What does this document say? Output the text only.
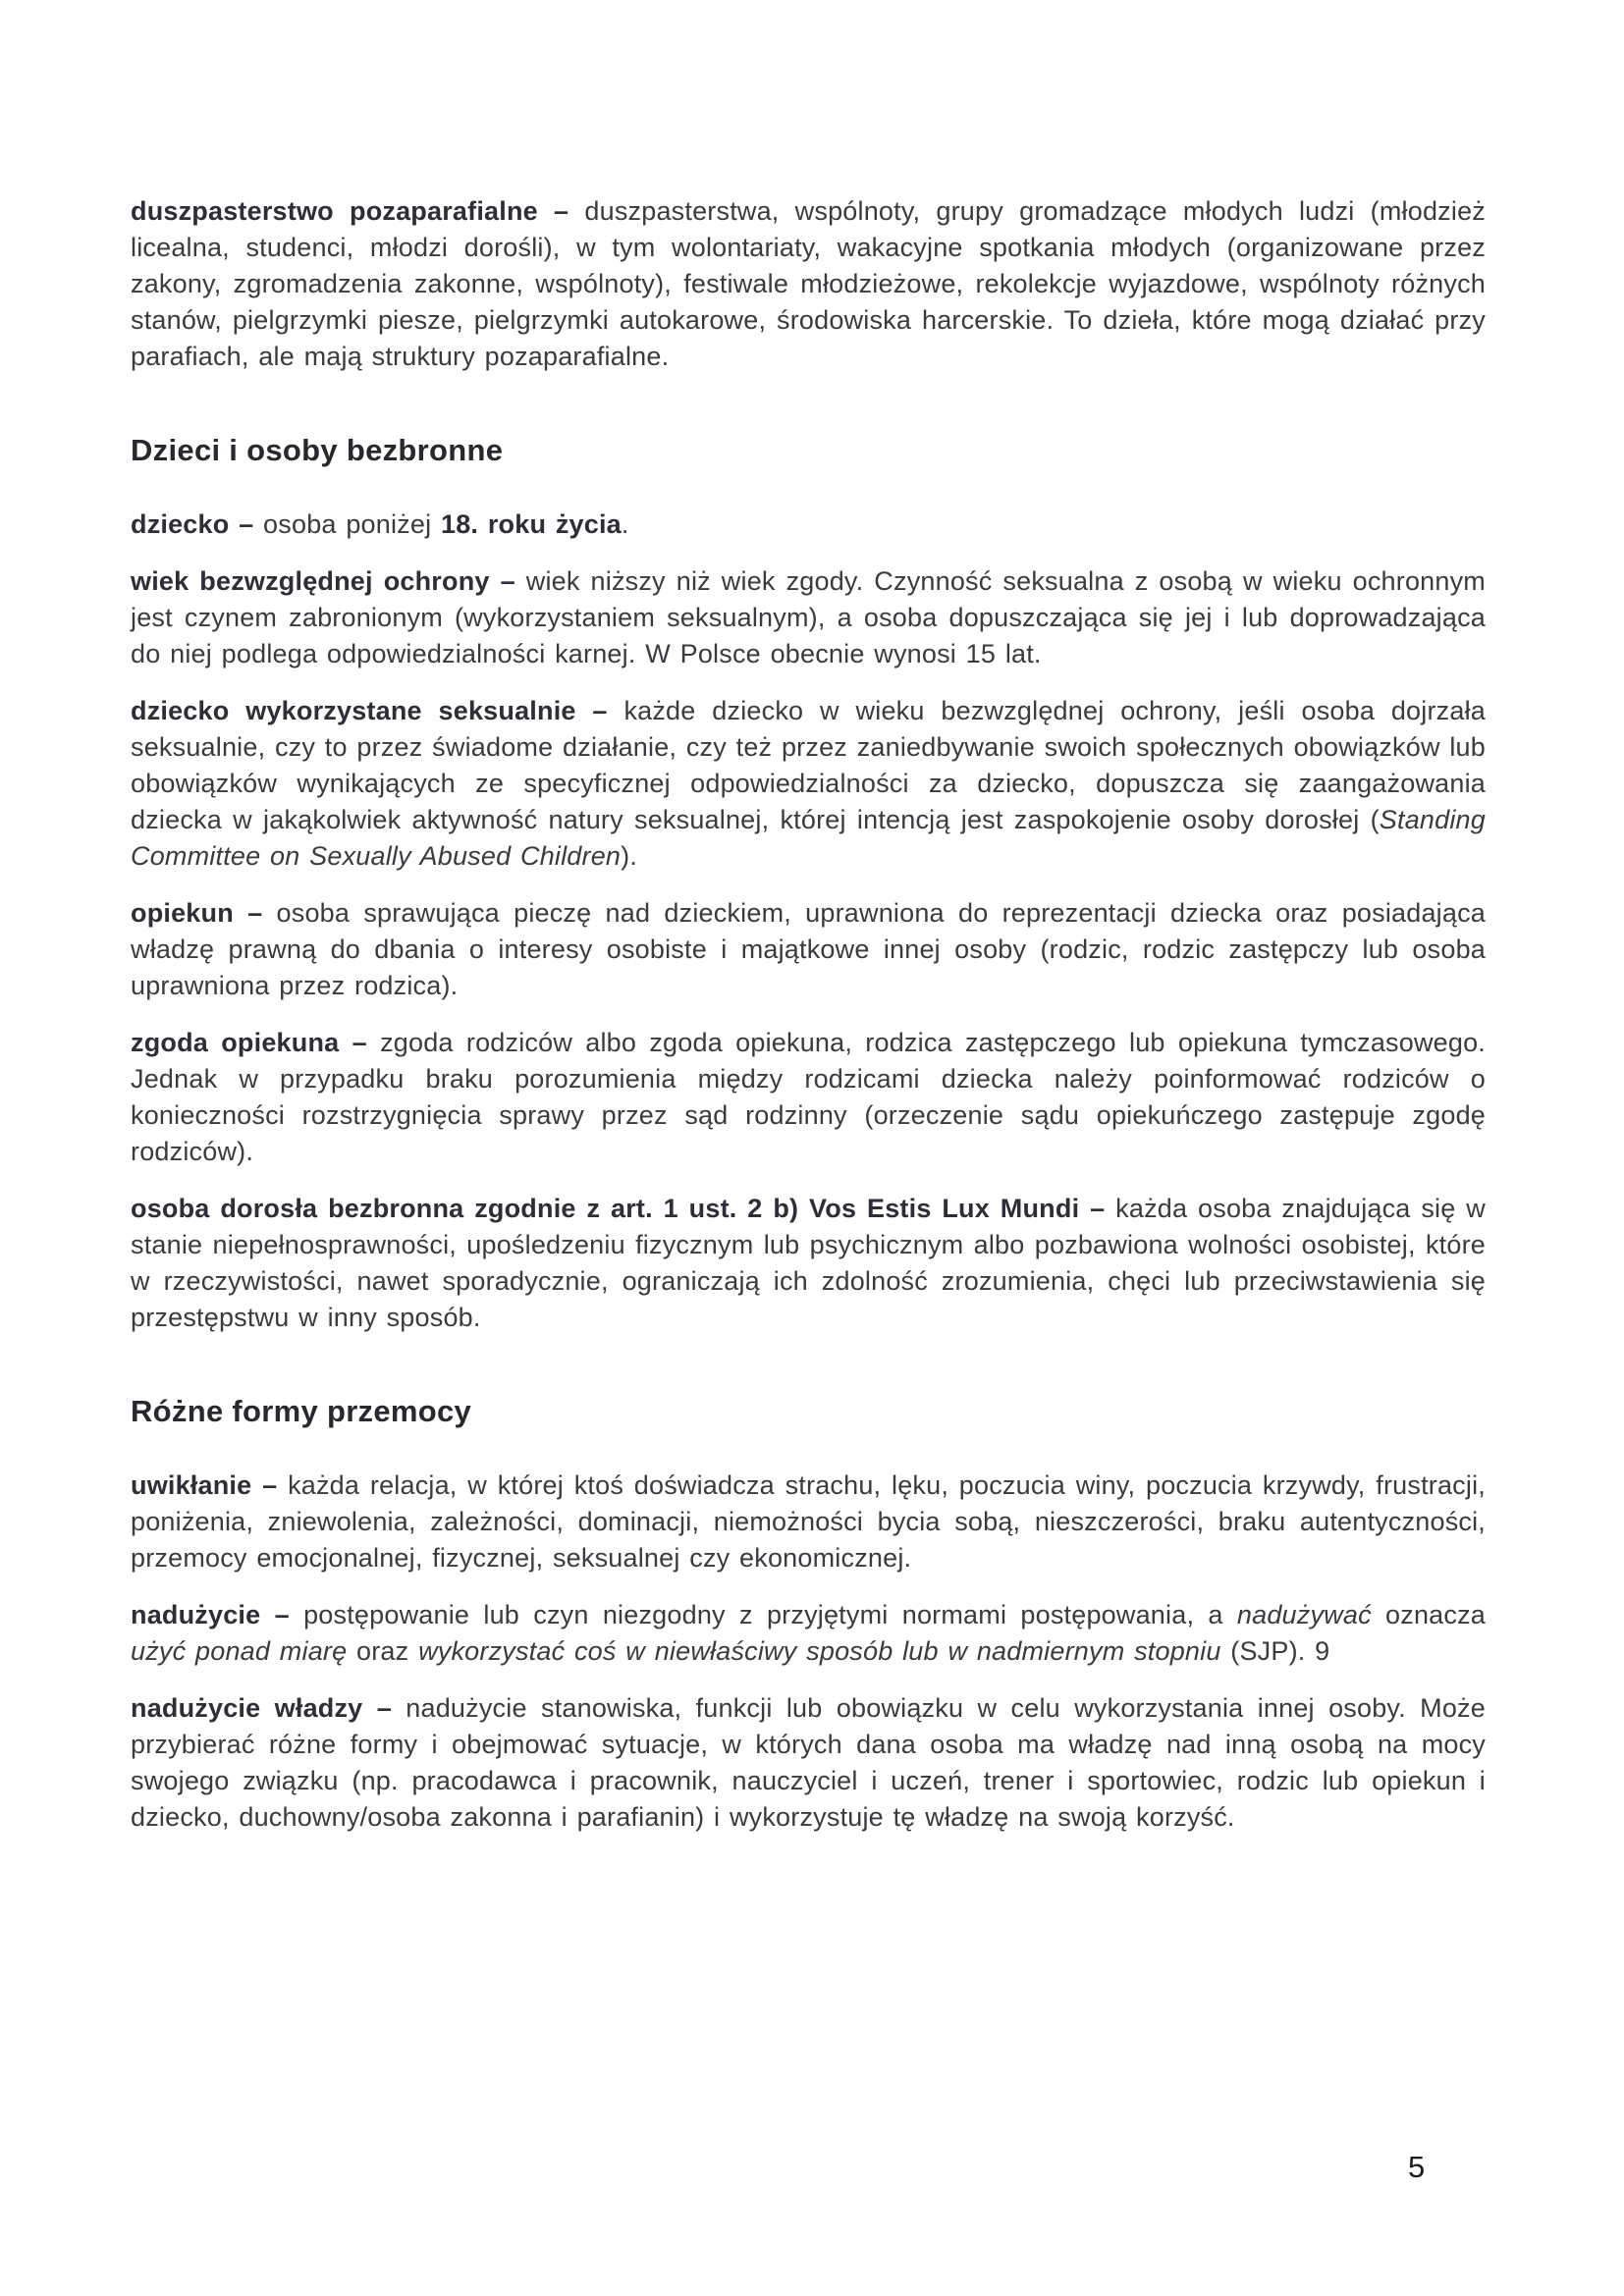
duszpasterstwo pozaparafialne – duszpasterstwa, wspólnoty, grupy gromadzące młodych ludzi (młodzież licealna, studenci, młodzi dorośli), w tym wolontariaty, wakacyjne spotkania młodych (organizowane przez zakony, zgromadzenia zakonne, wspólnoty), festiwale młodzieżowe, rekolekcje wyjazdowe, wspólnoty różnych stanów, pielgrzymki piesze, pielgrzymki autokarowe, środowiska harcerskie. To dzieła, które mogą działać przy parafiach, ale mają struktury pozaparafialne.

Dzieci i osoby bezbronne

dziecko – osoba poniżej 18. roku życia.

wiek bezwzględnej ochrony – wiek niższy niż wiek zgody. Czynność seksualna z osobą w wieku ochronnym jest czynem zabronionym (wykorzystaniem seksualnym), a osoba dopuszczająca się jej i lub doprowadzająca do niej podlega odpowiedzialności karnej. W Polsce obecnie wynosi 15 lat.

dziecko wykorzystane seksualnie – każde dziecko w wieku bezwzględnej ochrony, jeśli osoba dojrzała seksualnie, czy to przez świadome działanie, czy też przez zaniedbywanie swoich społecznych obowiązków lub obowiązków wynikających ze specyficznej odpowiedzialności za dziecko, dopuszcza się zaangażowania dziecka w jakąkolwiek aktywność natury seksualnej, której intencją jest zaspokojenie osoby dorosłej (Standing Committee on Sexually Abused Children).

opiekun – osoba sprawująca pieczę nad dzieckiem, uprawniona do reprezentacji dziecka oraz posiadająca władzę prawną do dbania o interesy osobiste i majątkowe innej osoby (rodzic, rodzic zastępczy lub osoba uprawniona przez rodzica).

zgoda opiekuna – zgoda rodziców albo zgoda opiekuna, rodzica zastępczego lub opiekuna tymczasowego. Jednak w przypadku braku porozumienia między rodzicami dziecka należy poinformować rodziców o konieczności rozstrzygnięcia sprawy przez sąd rodzinny (orzeczenie sądu opiekuńczego zastępuje zgodę rodziców).

osoba dorosła bezbronna zgodnie z art. 1 ust. 2 b) Vos Estis Lux Mundi – każda osoba znajdująca się w stanie niepełnosprawności, upośledzeniu fizycznym lub psychicznym albo pozbawiona wolności osobistej, które w rzeczywistości, nawet sporadycznie, ograniczają ich zdolność zrozumienia, chęci lub przeciwstawienia się przestępstwu w inny sposób.

Różne formy przemocy

uwikłanie – każda relacja, w której ktoś doświadcza strachu, lęku, poczucia winy, poczucia krzywdy, frustracji, poniżenia, zniewolenia, zależności, dominacji, niemożności bycia sobą, nieszczerości, braku autentyczności, przemocy emocjonalnej, fizycznej, seksualnej czy ekonomicznej.

nadużycie – postępowanie lub czyn niezgodny z przyjętymi normami postępowania, a nadużywać oznacza użyć ponad miarę oraz wykorzystać coś w niewłaściwy sposób lub w nadmiernym stopniu (SJP). 9

nadużycie władzy – nadużycie stanowiska, funkcji lub obowiązku w celu wykorzystania innej osoby. Może przybierać różne formy i obejmować sytuacje, w których dana osoba ma władzę nad inną osobą na mocy swojego związku (np. pracodawca i pracownik, nauczyciel i uczeń, trener i sportowiec, rodzic lub opiekun i dziecko, duchowny/osoba zakonna i parafianin) i wykorzystuje tę władzę na swoją korzyść.

5
